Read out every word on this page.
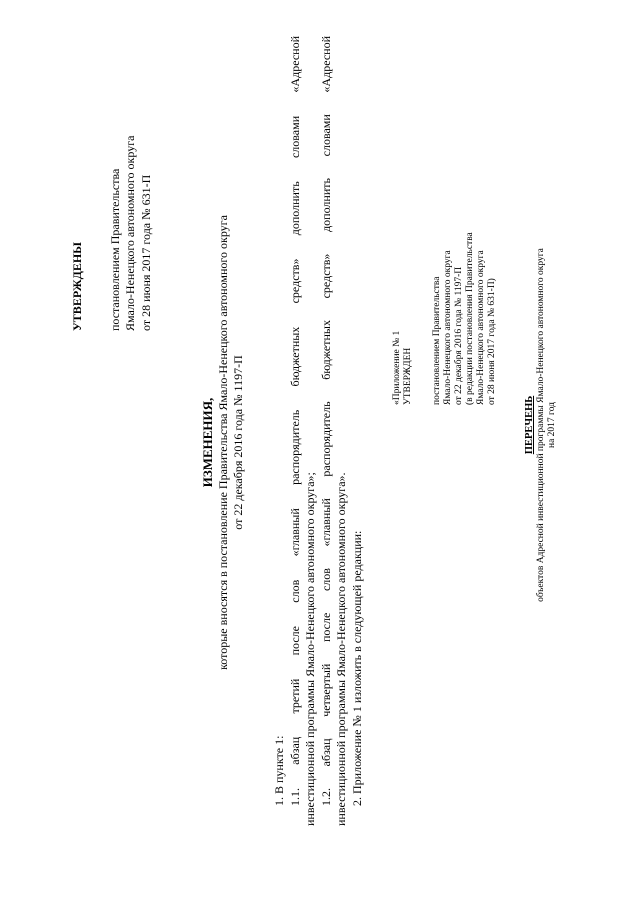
УТВЕРЖДЕНЫ постановлением Правительства Ямало-Ненецкого автономного округа от 28 июня 2017 года № 631-П
ИЗМЕНЕНИЯ, которые вносятся в постановление Правительства Ямало-Ненецкого автономного округа от 22 декабря 2016 года № 1197-П
1. В пункте 1: 1.1. абзац третий после слов «главный распорядитель бюджетных средств» дополнить словами «Адресной инвестиционной программы Ямало-Ненецкого автономного округа»; 1.2. абзац четвертый после слов «главный распорядитель бюджетных средств» дополнить словами «Адресной инвестиционной программы Ямало-Ненецкого автономного округа». 2. Приложение № 1 изложить в следующей редакции:
«Приложение № 1 УТВЕРЖДЕН постановлением Правительства Ямало-Ненецкого автономного округа от 22 декабря 2016 года № 1197-П (в редакции постановления Правительства Ямало-Ненецкого автономного округа от 28 июня 2017 года № 631-П)
ПЕРЕЧЕНЬ объектов Адресной инвестиционной программы Ямало-Ненецкого автономного округа на 2017 год
